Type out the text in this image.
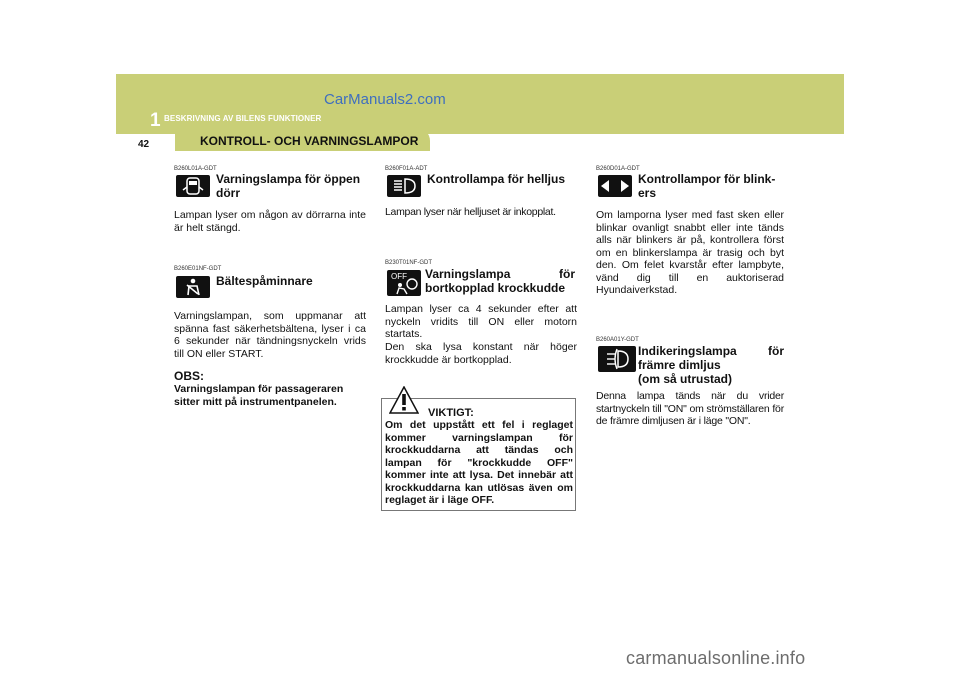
1 BESKRIVNING AV BILENS FUNKTIONER
CarManuals2.com
42	KONTROLL- OCH VARNINGSLAMPOR
B260L01A-GDT
Varningslampa för öppen dörr
Lampan lyser om någon av dörrarna inte är helt stängd.
B260E01NF-GDT
Bältespåminnare
Varningslampan, som uppmanar att spänna fast säkerhetsbältena, lyser i ca 6 sekunder när tändningsnyckeln vrids till ON eller START.
OBS:
Varningslampan för passageraren sitter mitt på instrumentpanelen.
B260F01A-ADT
Kontrollampa för helljus
Lampan lyser när helljuset är inkopplat.
B230T01NF-GDT
OFF Varningslampa för
bortkopplad krockkudde
Lampan lyser ca 4 sekunder efter att nyckeln vridits till ON eller motorn startats.
Den ska lysa konstant när höger krockkudde är bortkopplad.
VIKTIGT:
Om det uppstått ett fel i reglaget kommer varningslampan för krockkuddarna att tändas och lampan för "krockkudde OFF" kommer inte att lysa. Det innebär att krockkuddarna kan utlösas även om reglaget är i läge OFF.
B260D01A-GDT
Kontrollampor för blink-ers
Om lamporna lyser med fast sken eller blinkar ovanligt snabbt eller inte tänds alls när blinkers är på, kontrollera först om en blinkerslampa är trasig och byt den. Om felet kvarstår efter lampbyte, vänd dig till en auktoriserad Hyundaiverkstad.
B260A01Y-GDT
Indikeringslampa för
främre dimljus
(om så utrustad)
Denna lampa tänds när du vrider startnyckeln till "ON" om strömställaren för de främre dimljusen är i läge "ON".
carmanualsonline.info
